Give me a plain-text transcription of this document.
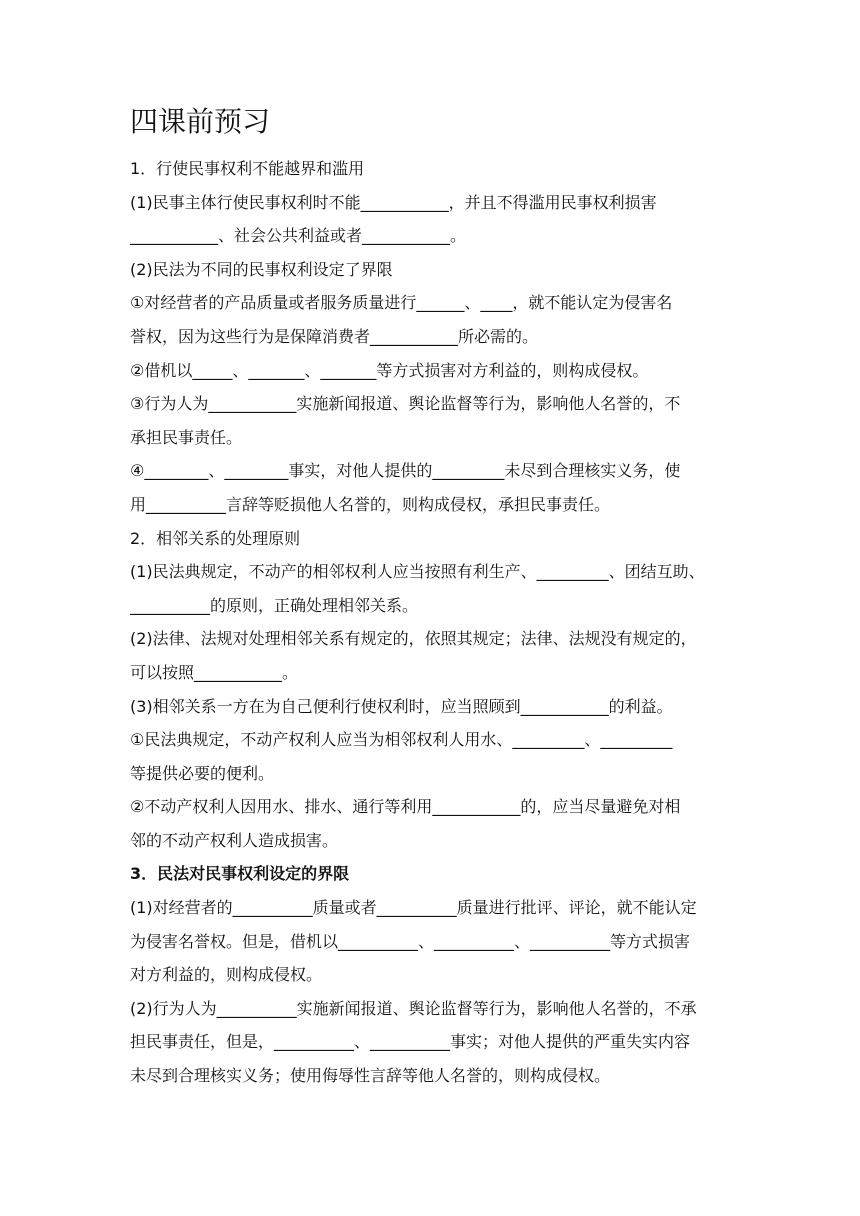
四课前预习
1．行使民事权利不能越界和滥用
(1)民事主体行使民事权利时不能___________，并且不得滥用民事权利损害
___________、社会公共利益或者___________。
(2)民法为不同的民事权利设定了界限
①对经营者的产品质量或者服务质量进行______、____，就不能认定为侵害名
誉权，因为这些行为是保障消费者___________所必需的。
②借机以_____、_______、_______等方式损害对方利益的，则构成侵权。
③行为人为___________实施新闻报道、舆论监督等行为，影响他人名誉的，不
承担民事责任。
④________、________事实，对他人提供的_________未尽到合理核实义务，使
用__________言辞等贬损他人名誉的，则构成侵权，承担民事责任。
2．相邻关系的处理原则
(1)民法典规定，不动产的相邻权利人应当按照有利生产、_________、团结互助、
__________的原则，正确处理相邻关系。
(2)法律、法规对处理相邻关系有规定的，依照其规定；法律、法规没有规定的，
可以按照___________。
(3)相邻关系一方在为自己便利行使权利时，应当照顾到___________的利益。
①民法典规定，不动产权利人应当为相邻权利人用水、_________、_________
等提供必要的便利。
②不动产权利人因用水、排水、通行等利用___________的，应当尽量避免对相
邻的不动产权利人造成损害。
3．民法对民事权利设定的界限
(1)对经营者的__________质量或者__________质量进行批评、评论，就不能认定
为侵害名誉权。但是，借机以__________、__________、__________等方式损害
对方利益的，则构成侵权。
(2)行为人为__________实施新闻报道、舆论监督等行为，影响他人名誉的，不承
担民事责任，但是，__________、__________事实；对他人提供的严重失实内容
未尽到合理核实义务；使用侮辱性言辞等他人名誉的，则构成侵权。
